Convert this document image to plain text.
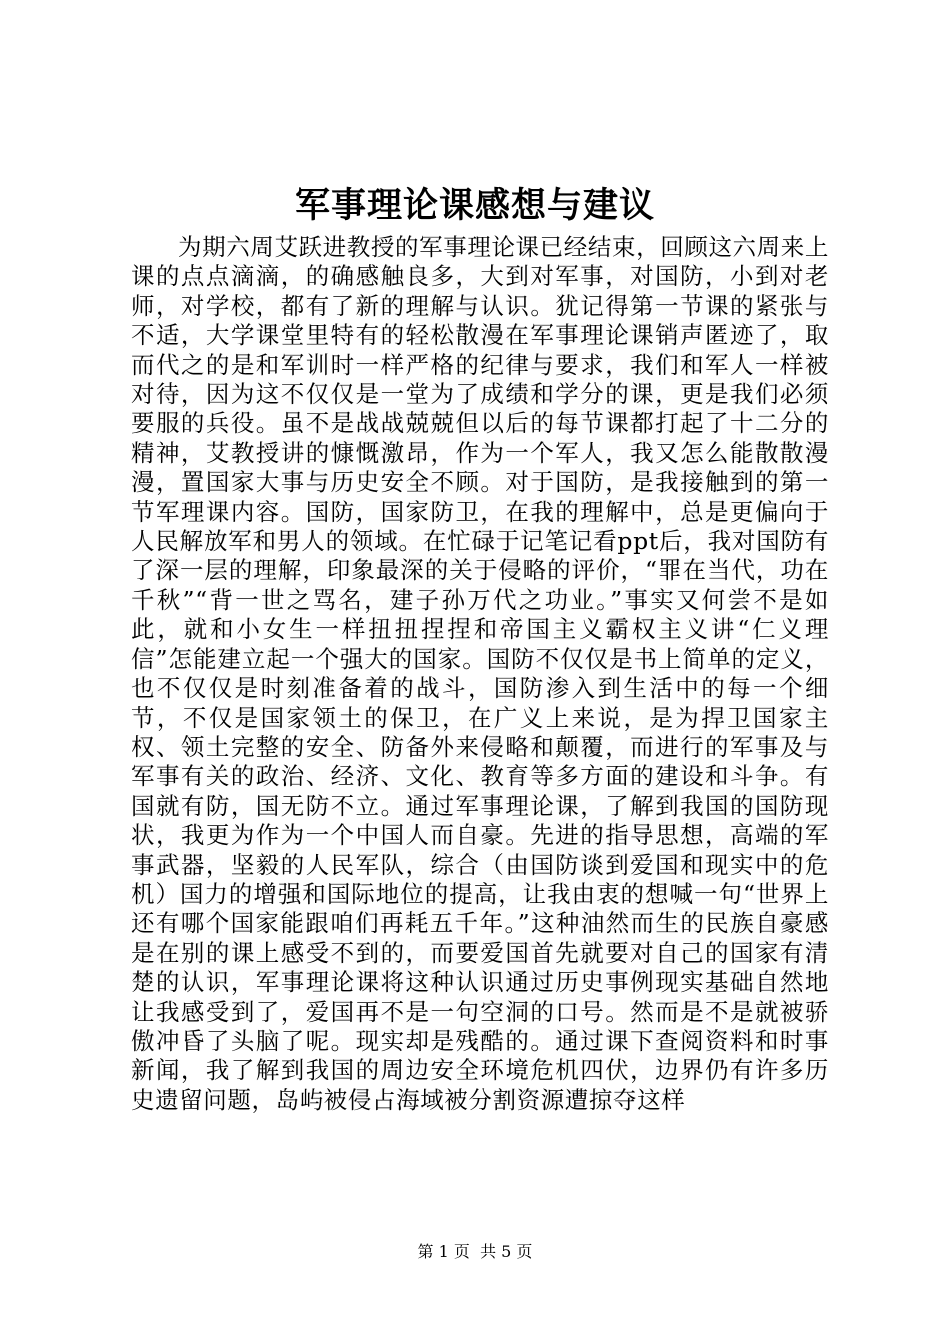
军事理论课感想与建议

为期六周艾跃进教授的军事理论课已经结束，回顾这六周来上课的点点滴滴，的确感触良多，大到对军事，对国防，小到对老师，对学校，都有了新的理解与认识。犹记得第一节课的紧张与不适，大学课堂里特有的轻松散漫在军事理论课销声匿迹了，取而代之的是和军训时一样严格的纪律与要求，我们和军人一样被对待，因为这不仅仅是一堂为了成绩和学分的课，更是我们必须要服的兵役。虽不是战战兢兢但以后的每节课都打起了十二分的精神，艾教授讲的慷慨激昂，作为一个军人，我又怎么能散散漫漫，置国家大事与历史安全不顾。对于国防，是我接触到的第一节军理课内容。国防，国家防卫，在我的理解中，总是更偏向于人民解放军和男人的领域。在忙碌于记笔记看ppt后，我对国防有了深一层的理解，印象最深的关于侵略的评价，“罪在当代，功在千秋”“背一世之骂名，建子孙万代之功业。”事实又何尝不是如此，就和小女生一样扭扭捏捏和帝国主义霸权主义讲“仁义理信”怎能建立起一个强大的国家。国防不仅仅是书上简单的定义，也不仅仅是时刻准备着的战斗，国防渗入到生活中的每一个细节，不仅是国家领土的保卫，在广义上来说，是为捍卫国家主权、领土完整的安全、防备外来侵略和颠覆，而进行的军事及与军事有关的政治、经济、文化、教育等多方面的建设和斗争。有国就有防，国无防不立。通过军事理论课，了解到我国的国防现状，我更为作为一个中国人而自豪。先进的指导思想，高端的军事武器，坚毅的人民军队，综合（由国防谈到爱国和现实中的危机）国力的增强和国际地位的提高，让我由衷的想喊一句“世界上还有哪个国家能跟咱们再耗五千年。”这种油然而生的民族自豪感是在别的课上感受不到的，而要爱国首先就要对自己的国家有清楚的认识，军事理论课将这种认识通过历史事例现实基础自然地让我感受到了，爱国再不是一句空洞的口号。然而是不是就被骄傲冲昏了头脑了呢。现实却是残酷的。通过课下查阅资料和时事新闻，我了解到我国的周边安全环境危机四伏，边界仍有许多历史遗留问题，岛屿被侵占海域被分割资源遭掠夺这样

第 1 页  共 5 页
